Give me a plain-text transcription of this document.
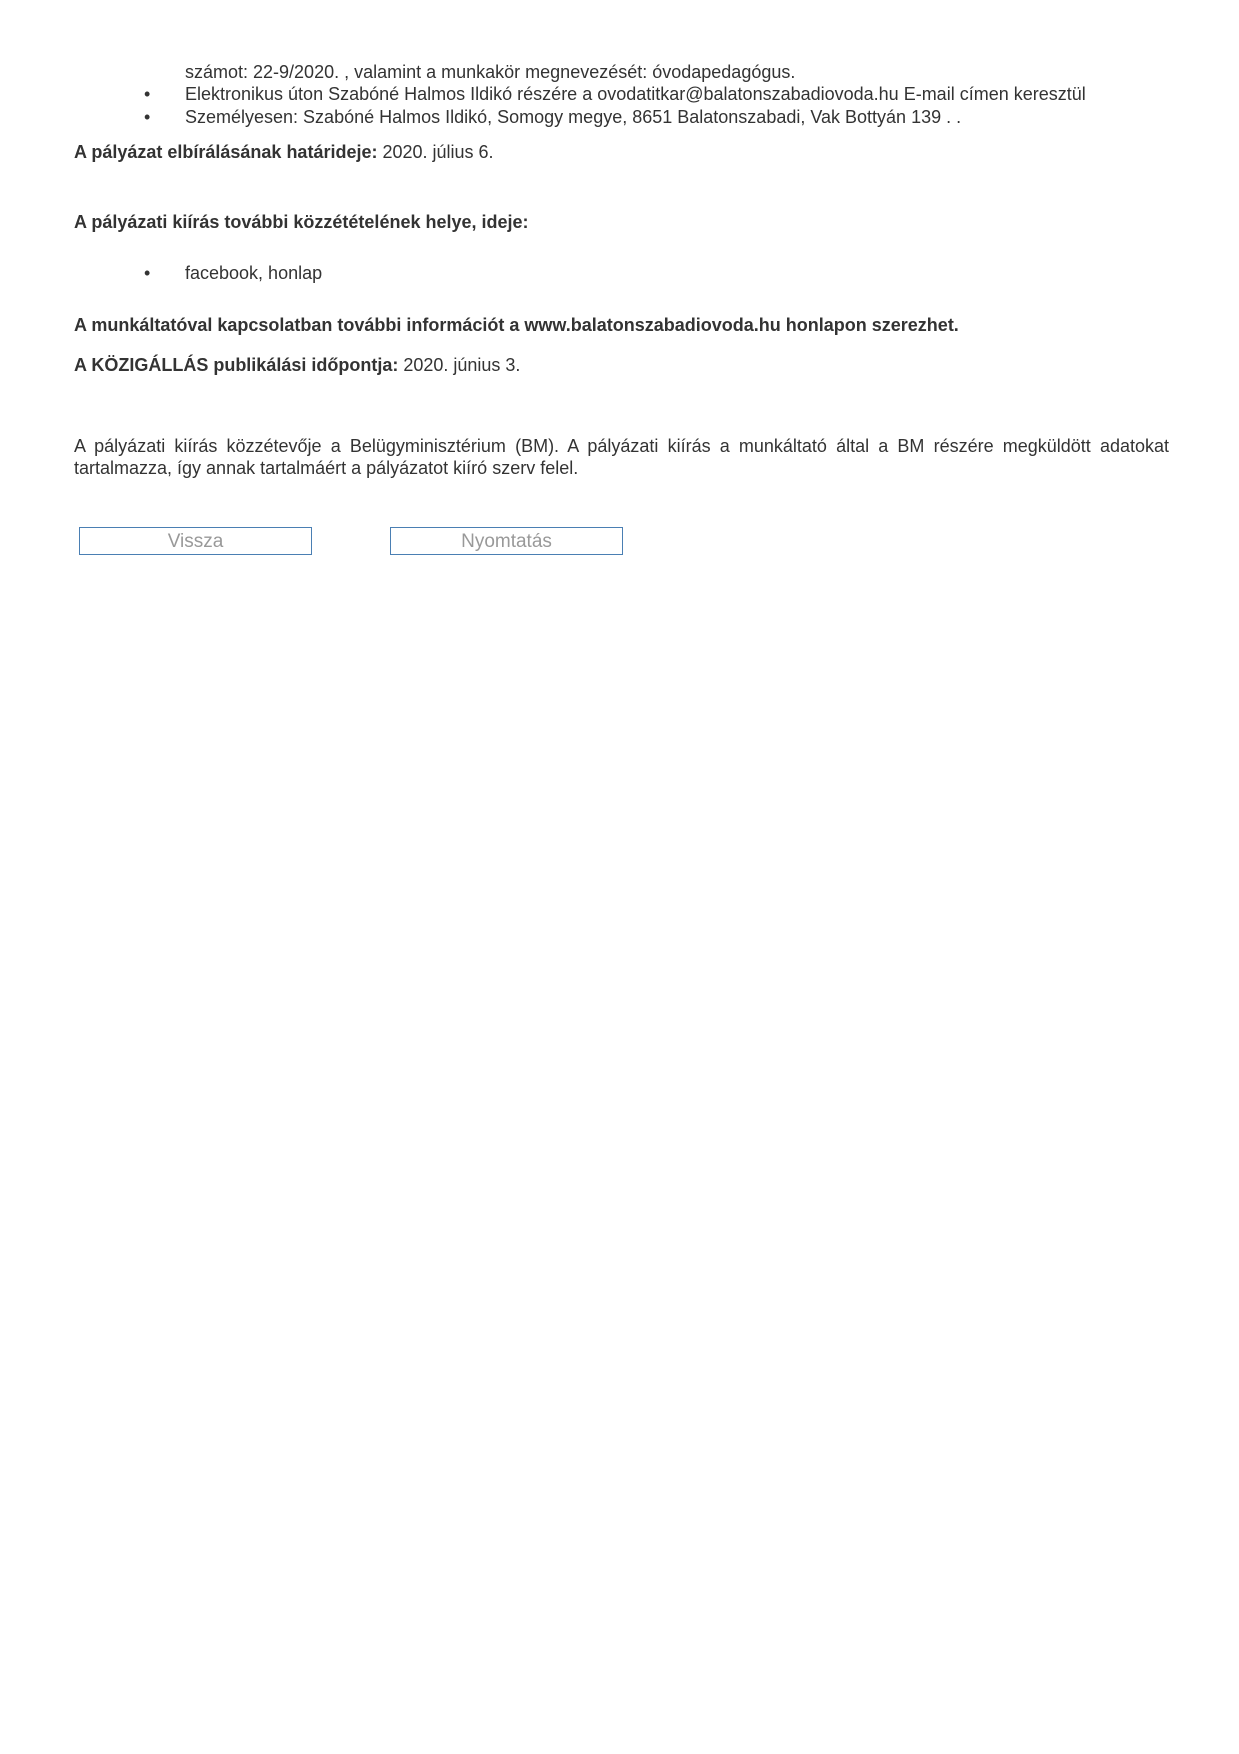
számot: 22-9/2020. , valamint a munkakör megnevezését: óvodapedagógus.
• Elektronikus úton Szabóné Halmos Ildikó részére a ovodatitkar@balatonszabadiovoda.hu E-mail címen keresztül
• Személyesen: Szabóné Halmos Ildikó, Somogy megye, 8651 Balatonszabadi, Vak Bottyán 139 . .
A pályázat elbírálásának határideje: 2020. július 6.
A pályázati kiírás további közzétételének helye, ideje:
• facebook, honlap
A munkáltatóval kapcsolatban további információt a www.balatonszabadiovoda.hu honlapon szerezhet.
A KÖZIGÁLLÁS publikálási időpontja: 2020. június 3.
A pályázati kiírás közzétevője a Belügyminisztérium (BM). A pályázati kiírás a munkáltató által a BM részére megküldött adatokat tartalmazza, így annak tartalmáért a pályázatot kiíró szerv felel.
Vissza	Nyomtatás
